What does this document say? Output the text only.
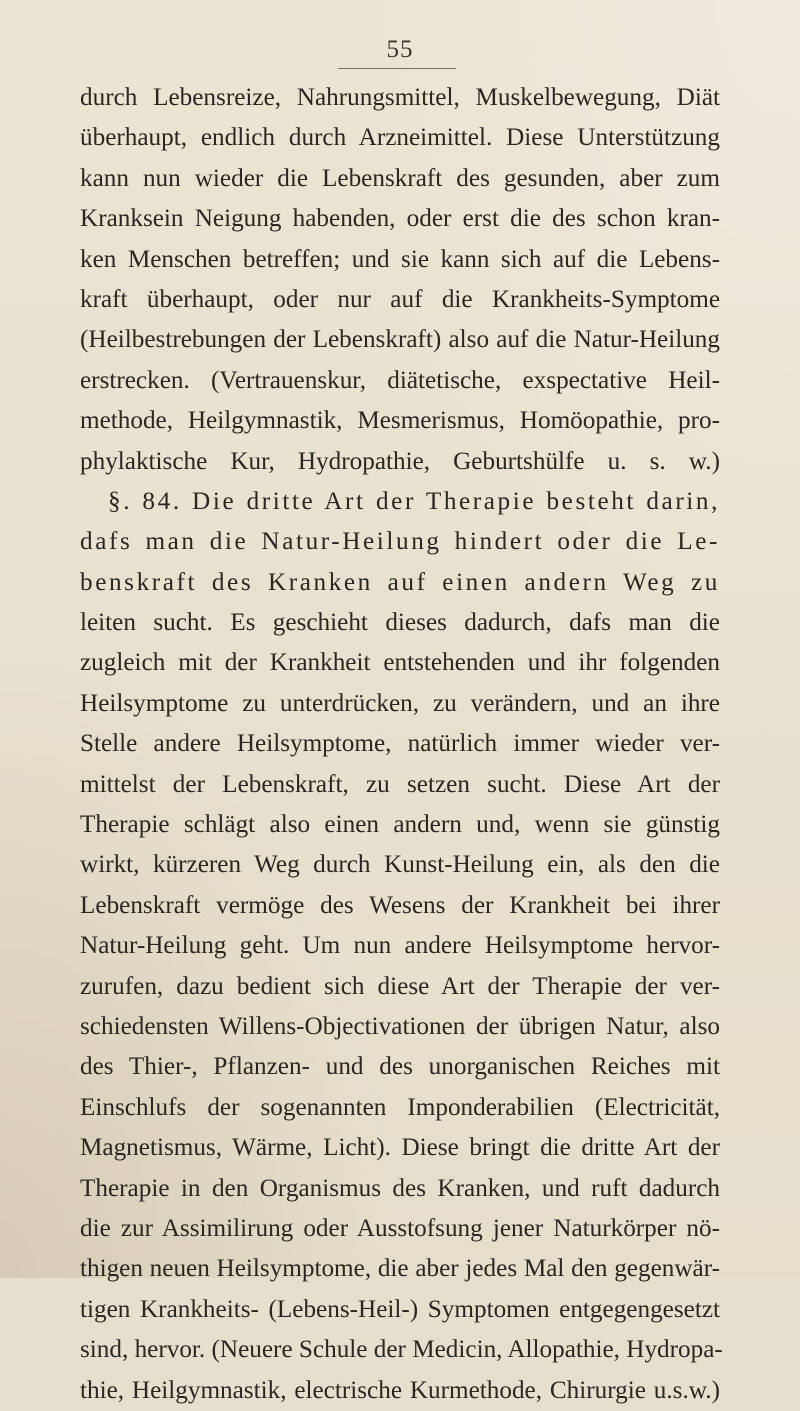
55
durch Lebensreize, Nahrungsmittel, Muskelbewegung, Diät
überhaupt, endlich durch Arzneimittel. Diese Unterstützung
kann nun wieder die Lebenskraft des gesunden, aber zum
Kranksein Neigung habenden, oder erst die des schon kran-
ken Menschen betreffen; und sie kann sich auf die Lebens-
kraft überhaupt, oder nur auf die Krankheits-Symptome
(Heilbestrebungen der Lebenskraft) also auf die Natur-Heilung
erstrecken. (Vertrauenskur, diätetische, exspectative Heil-
methode, Heilgymnastik, Mesmerismus, Homöopathie, pro-
phylaktische Kur, Hydropathie, Geburtshülfe u. s. w.)
§. 84. Die dritte Art der Therapie besteht darin,
dafs man die Natur-Heilung hindert oder die Le-
benskraft des Kranken auf einen andern Weg zu
leiten sucht. Es geschieht dieses dadurch, dafs man die
zugleich mit der Krankheit entstehenden und ihr folgenden
Heilsymptome zu unterdrücken, zu verändern, und an ihre
Stelle andere Heilsymptome, natürlich immer wieder ver-
mittelst der Lebenskraft, zu setzen sucht. Diese Art der
Therapie schlägt also einen andern und, wenn sie günstig
wirkt, kürzeren Weg durch Kunst-Heilung ein, als den die
Lebenskraft vermöge des Wesens der Krankheit bei ihrer
Natur-Heilung geht. Um nun andere Heilsymptome hervor-
zurufen, dazu bedient sich diese Art der Therapie der ver-
schiedensten Willens-Objectivationen der übrigen Natur, also
des Thier-, Pflanzen- und des unorganischen Reiches mit
Einschlufs der sogenannten Imponderabilien (Electricität,
Magnetismus, Wärme, Licht). Diese bringt die dritte Art der
Therapie in den Organismus des Kranken, und ruft dadurch
die zur Assimilirung oder Ausstofsung jener Naturkörper nö-
thigen neuen Heilsymptome, die aber jedes Mal den gegenwär-
tigen Krankheits- (Lebens-Heil-) Symptomen entgegengesetzt
sind, hervor. (Neuere Schule der Medicin, Allopathie, Hydropa-
thie, Heilgymnastik, electrische Kurmethode, Chirurgie u.s.w.)
